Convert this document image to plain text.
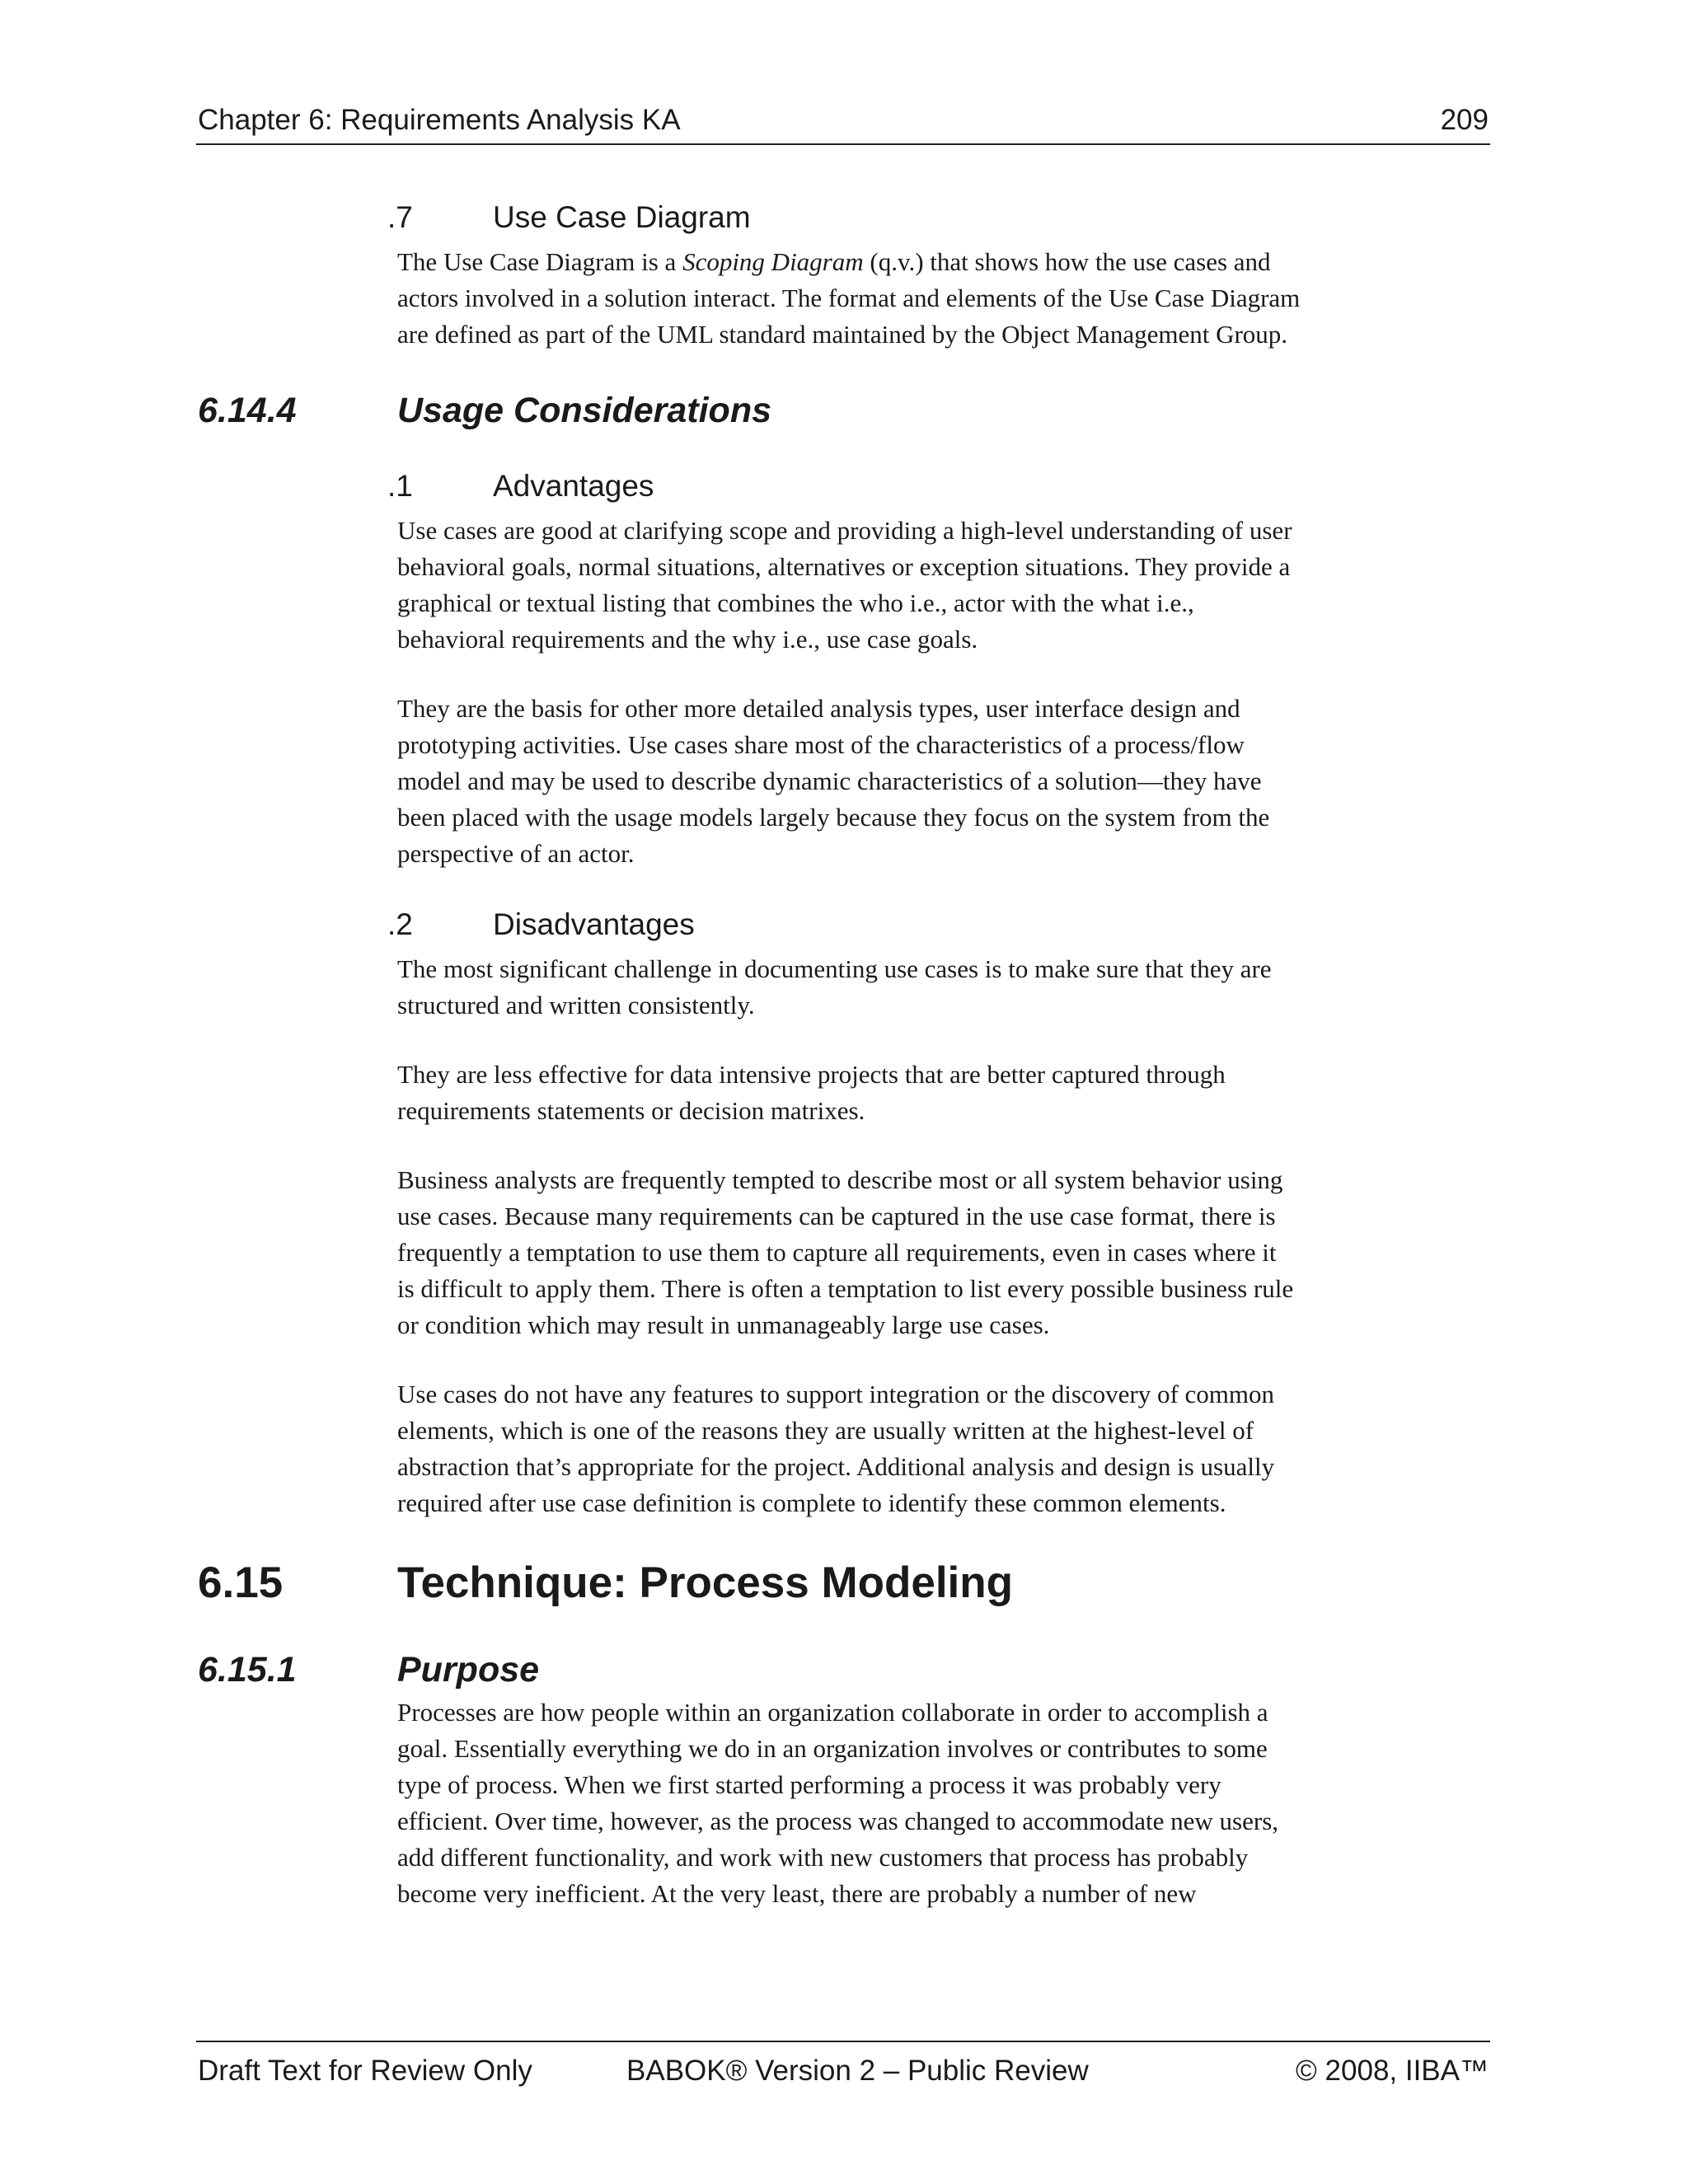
Chapter 6: Requirements Analysis KA	209
.7	Use Case Diagram
The Use Case Diagram is a Scoping Diagram (q.v.) that shows how the use cases and
actors involved in a solution interact. The format and elements of the Use Case Diagram
are defined as part of the UML standard maintained by the Object Management Group.
6.14.4	Usage Considerations
.1	Advantages
Use cases are good at clarifying scope and providing a high-level understanding of user
behavioral goals, normal situations, alternatives or exception situations. They provide a
graphical or textual listing that combines the who i.e., actor with the what i.e.,
behavioral requirements and the why i.e., use case goals.
They are the basis for other more detailed analysis types, user interface design and
prototyping activities. Use cases share most of the characteristics of a process/flow
model and may be used to describe dynamic characteristics of a solution—they have
been placed with the usage models largely because they focus on the system from the
perspective of an actor.
.2	Disadvantages
The most significant challenge in documenting use cases is to make sure that they are
structured and written consistently.
They are less effective for data intensive projects that are better captured through
requirements statements or decision matrixes.
Business analysts are frequently tempted to describe most or all system behavior using
use cases. Because many requirements can be captured in the use case format, there is
frequently a temptation to use them to capture all requirements, even in cases where it
is difficult to apply them. There is often a temptation to list every possible business rule
or condition which may result in unmanageably large use cases.
Use cases do not have any features to support integration or the discovery of common
elements, which is one of the reasons they are usually written at the highest-level of
abstraction that’s appropriate for the project. Additional analysis and design is usually
required after use case definition is complete to identify these common elements.
6.15	Technique: Process Modeling
6.15.1	Purpose
Processes are how people within an organization collaborate in order to accomplish a
goal. Essentially everything we do in an organization involves or contributes to some
type of process. When we first started performing a process it was probably very
efficient. Over time, however, as the process was changed to accommodate new users,
add different functionality, and work with new customers that process has probably
become very inefficient. At the very least, there are probably a number of new
Draft Text for Review Only	BABOK® Version 2 – Public Review	© 2008, IIBA™
